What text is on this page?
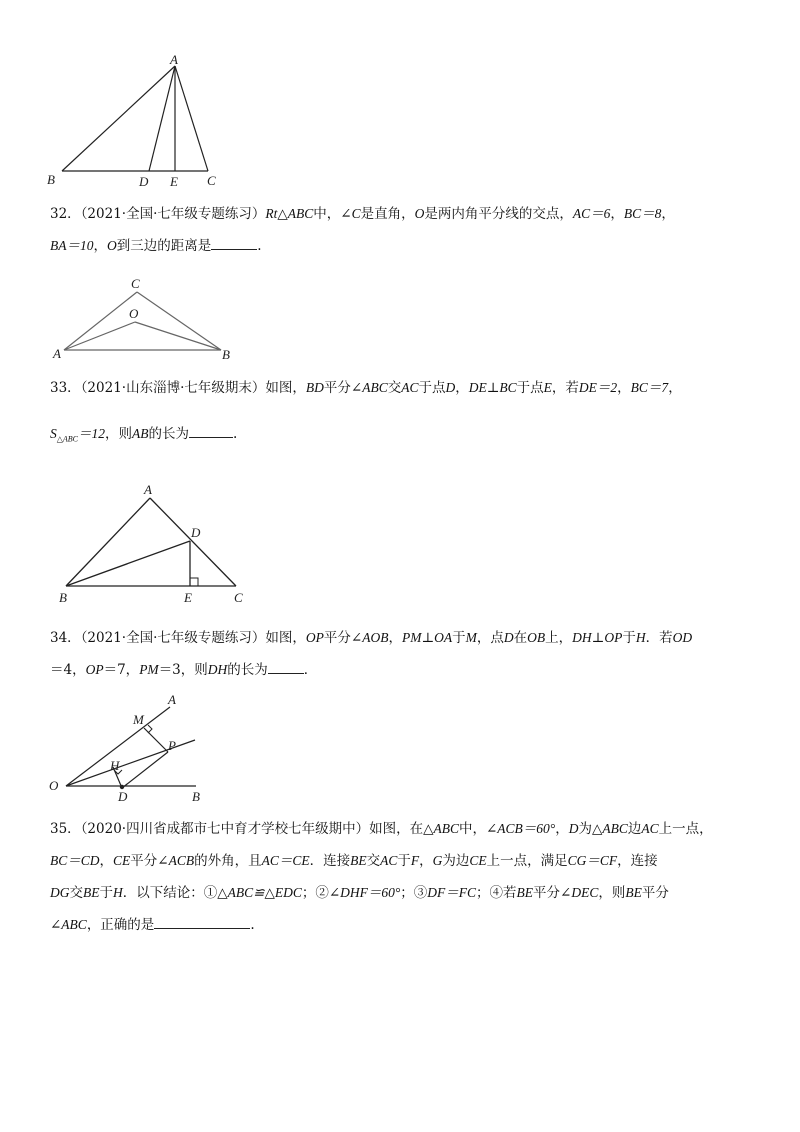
A
B	D E C

32．（2021·全国·七年级专题练习）Rt△ABC中，∠C是直角，O是两内角平分线的交点，AC＝6，BC＝8，

BA＝10，O到三边的距离是	.

C
O
A	B

33．（2021·山东淄博·七年级期末）如图，BD平分∠ABC交AC于点D，DE⊥BC于点E，若DE＝2，BC＝7，

$S_{\triangle ABC}=12$，则AB的长为	.

A
D
B	E	C

34．（2021·全国·七年级专题练习）如图，OP平分∠AOB，PM⊥OA于M，点D在OB上，DH⊥OP于H．若OD

＝4，OP＝7，PM＝3，则DH的长为	．

A
M
P
H
O
D	B

35．（2020·四川省成都市七中育才学校七年级期中）如图，在△ABC中，∠ACB＝60°，D为△ABC边AC上一点，

BC＝CD，CE平分∠ACB的外角，且AC＝CE．连接BE交AC于F，G为边CE上一点，满足CG＝CF，连接

DG交BE于H．以下结论：①△ABC≌△EDC；②∠DHF＝60°；③DF＝FC；④若BE平分∠DEC，则BE平分

∠ABC，正确的是	.
